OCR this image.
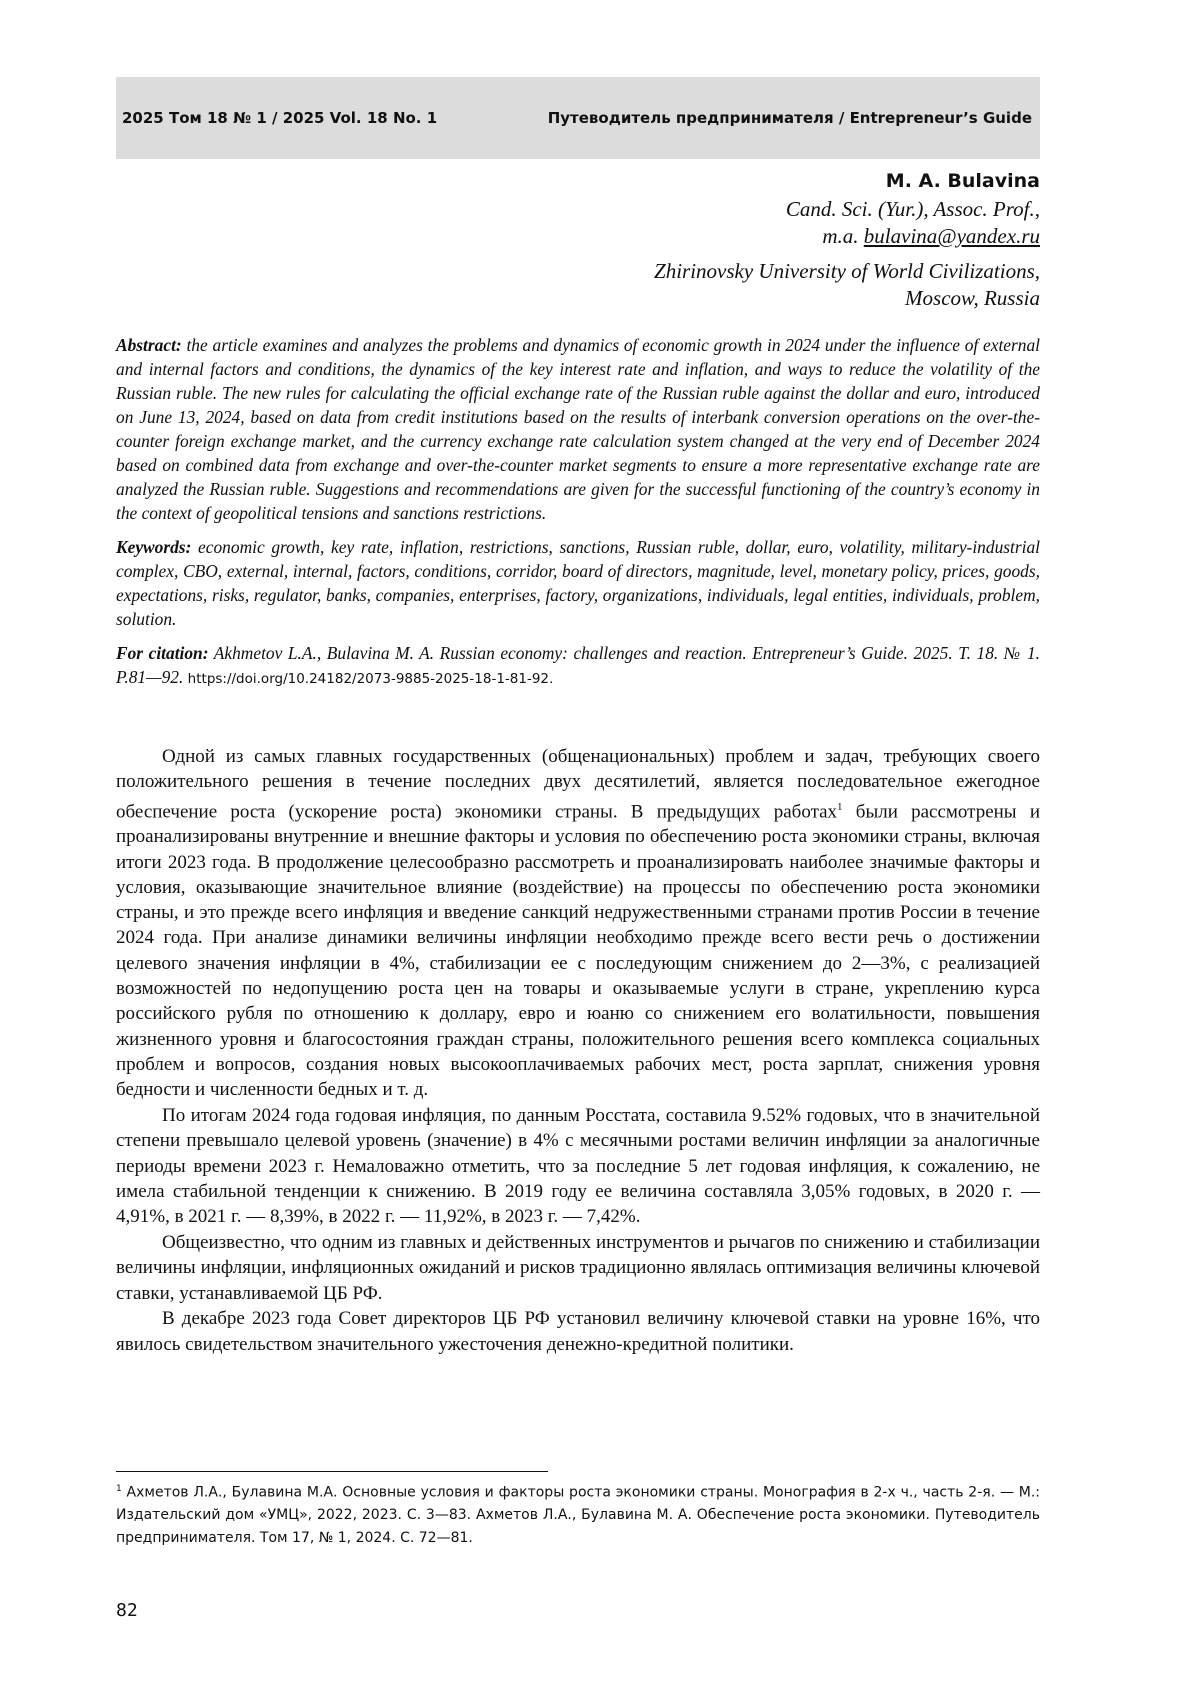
2025 Том 18 № 1 / 2025 Vol. 18 No. 1	Путеводитель предпринимателя / Entrepreneur’s Guide
M. A. Bulavina
Cand. Sci. (Yur.), Assoc. Prof.,
m.a. bulavina@yandex.ru
Zhirinovsky University of World Civilizations,
Moscow, Russia

Abstract: the article examines and analyzes the problems and dynamics of economic growth in 2024 under the influence of external and internal factors and conditions, the dynamics of the key interest rate and inflation, and ways to reduce the volatility of the Russian ruble. The new rules for calculating the official exchange rate of the Russian ruble against the dollar and euro, introduced on June 13, 2024, based on data from credit institutions based on the results of interbank conversion operations on the over-the-counter foreign exchange market, and the currency exchange rate calculation system changed at the very end of December 2024 based on combined data from exchange and over-the-counter market segments to ensure a more representative exchange rate are analyzed the Russian ruble. Suggestions and recommendations are given for the successful functioning of the country’s economy in the context of geopolitical tensions and sanctions restrictions.

Keywords: economic growth, key rate, inflation, restrictions, sanctions, Russian ruble, dollar, euro, volatility, military-industrial complex, CBO, external, internal, factors, conditions, corridor, board of directors, magnitude, level, monetary policy, prices, goods, expectations, risks, regulator, banks, companies, enterprises, factory, organizations, individuals, legal entities, individuals, problem, solution.

For citation: Akhmetov L.A., Bulavina M. A. Russian economy: challenges and reaction. Entrepreneur’s Guide. 2025. T. 18. № 1. P.81—92. https://doi.org/10.24182/2073-9885-2025-18-1-81-92.

Одной из самых главных государственных (общенациональных) проблем и задач, требующих своего положительного решения в течение последних двух десятилетий, является последовательное ежегодное обеспечение роста (ускорение роста) экономики страны. В предыдущих работах1 были рассмотрены и проанализированы внутренние и внешние факторы и условия по обеспечению роста экономики страны, включая итоги 2023 года. В продолжение целесообразно рассмотреть и проанализировать наиболее значимые факторы и условия, оказывающие значительное влияние (воздействие) на процессы по обеспечению роста экономики страны, и это прежде всего инфляция и введение санкций недружественными странами против России в течение 2024 года. При анализе динамики величины инфляции необходимо прежде всего вести речь о достижении целевого значения инфляции в 4%, стабилизации ее с последующим снижением до 2—3%, с реализацией возможностей по недопущению роста цен на товары и оказываемые услуги в стране, укреплению курса российского рубля по отношению к доллару, евро и юаню со снижением его волатильности, повышения жизненного уровня и благосостояния граждан страны, положительного решения всего комплекса социальных проблем и вопросов, создания новых высокооплачиваемых рабочих мест, роста зарплат, снижения уровня бедности и численности бедных и т. д.

По итогам 2024 года годовая инфляция, по данным Росстата, составила 9.52% годовых, что в значительной степени превышало целевой уровень (значение) в 4% с месячными ростами величин инфляции за аналогичные периоды времени 2023 г. Немаловажно отметить, что за последние 5 лет годовая инфляция, к сожалению, не имела стабильной тенденции к снижению. В 2019 году ее величина составляла 3,05% годовых, в 2020 г. — 4,91%, в 2021 г. — 8,39%, в 2022 г. — 11,92%, в 2023 г. — 7,42%.

Общеизвестно, что одним из главных и действенных инструментов и рычагов по снижению и стабилизации величины инфляции, инфляционных ожиданий и рисков традиционно являлась оптимизация величины ключевой ставки, устанавливаемой ЦБ РФ.

В декабре 2023 года Совет директоров ЦБ РФ установил величину ключевой ставки на уровне 16%, что явилось свидетельством значительного ужесточения денежно-кредитной политики.

1 Ахметов Л.А., Булавина М.А. Основные условия и факторы роста экономики страны. Монография в 2-х ч., часть 2-я. — М.: Издательский дом «УМЦ», 2022, 2023. С. 3—83. Ахметов Л.А., Булавина М. А. Обеспечение роста экономики. Путеводитель предпринимателя. Том 17, № 1, 2024. С. 72—81.
82
